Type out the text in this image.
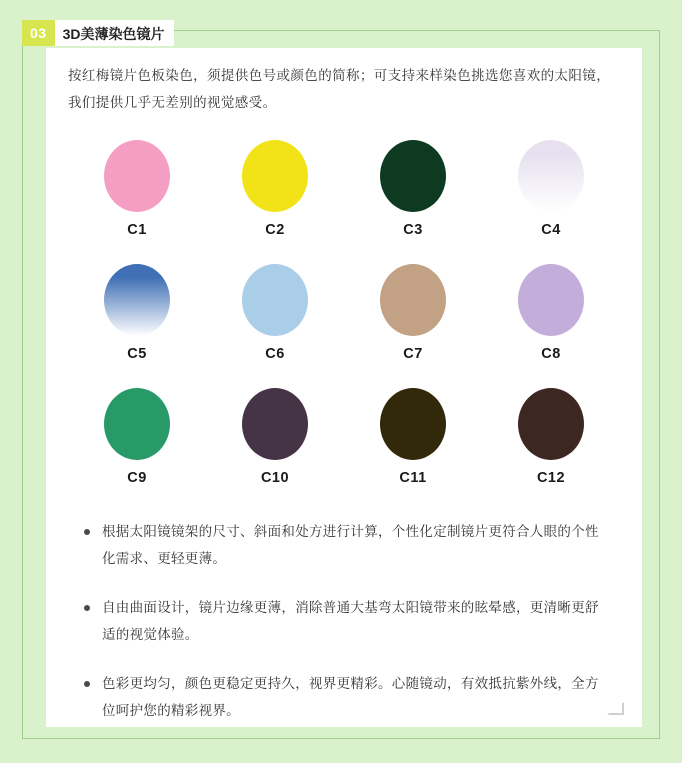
按红梅镜片色板染色，须提供色号或颜色的简称；可支持来样染色挑选您喜欢的太阳镜，我们提供几乎无差别的视觉感受。
C1	C2	C3	C4
C5	C6	C7	C8
C9	C10	C11	C12
根据太阳镜镜架的尺寸、斜面和处方进行计算，个性化定制镜片更符合人眼的个性化需求、更轻更薄。
自由曲面设计，镜片边缘更薄，消除普通大基弯太阳镜带来的眩晕感，更清晰更舒适的视觉体验。
色彩更均匀，颜色更稳定更持久，视界更精彩。心随镜动，有效抵抗紫外线，全方位呵护您的精彩视界。
03	3D美薄染色镜片
